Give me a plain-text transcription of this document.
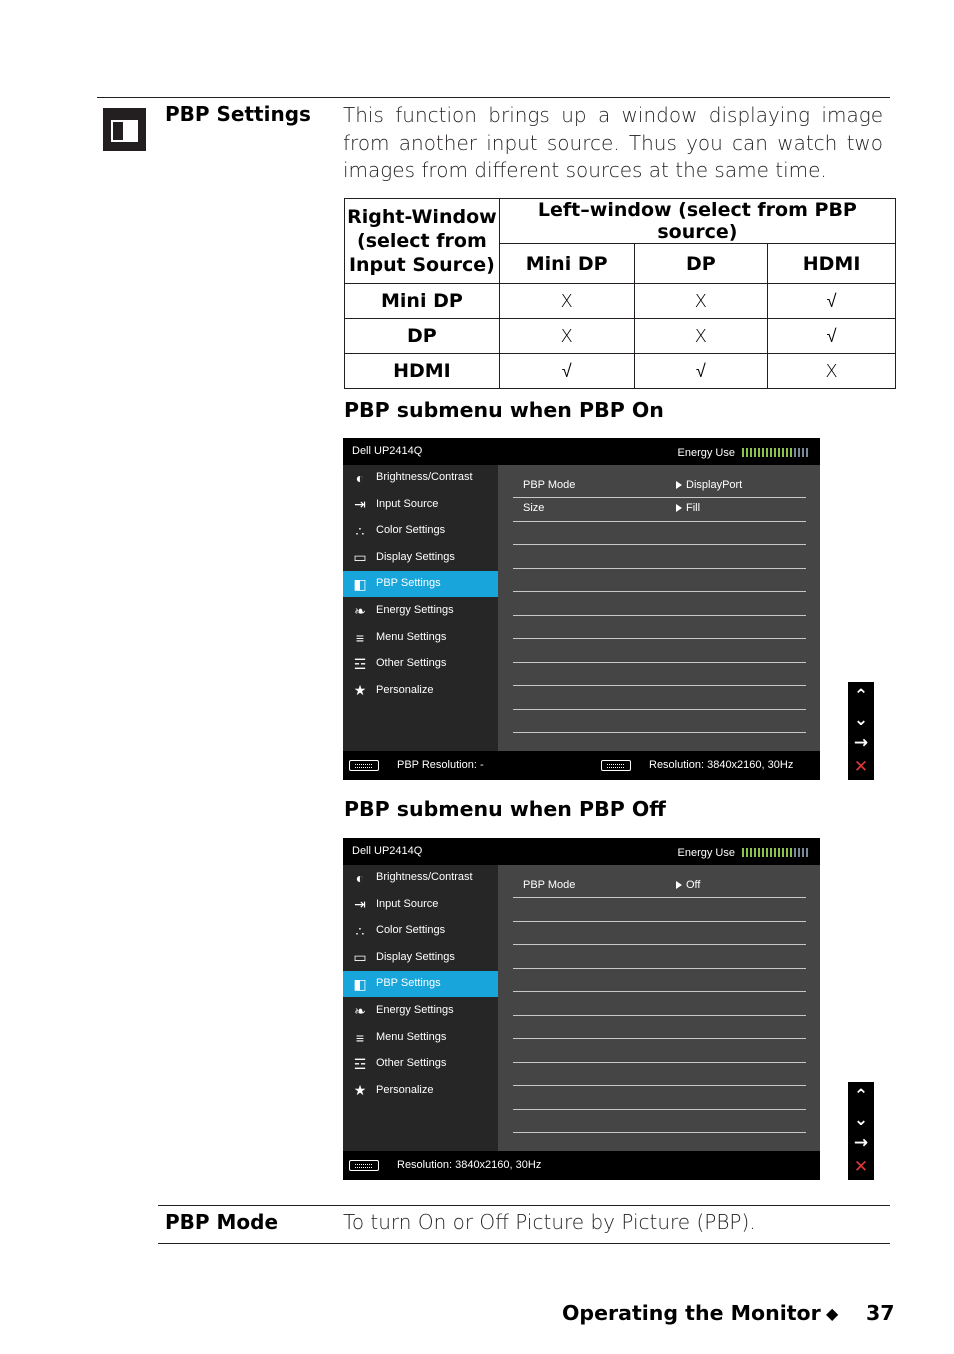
PBP Settings This function brings up a window displaying image
from another input source. Thus you can watch two
images from different sources at the same time.
Right-Window
(select from
Input Source)	Left–window (select from PBP source)		
	Mini DP	DP	HDMI
Mini DP	X	X	√
DP	X	X	√
HDMI	√	√	X
PBP submenu when PBP On
Dell UP2414Q	Energy Use
◐	Brightness/Contrast
⇥ Input Source
∴	Color Settings
▭ Display Settings
◧ PBP Settings
❧ Energy Settings
≡	Menu Settings
☲ Other Settings
★ Personalize
PBP Mode	DisplayPort
Size	Fill
PBP Resolution: -	Resolution: 3840x2160, 30Hz
⌃
⌄
→
✕
PBP submenu when PBP Off
Dell UP2414Q	Energy Use
◐	Brightness/Contrast
⇥ Input Source
∴	Color Settings
▭ Display Settings
◧ PBP Settings
❧ Energy Settings
≡	Menu Settings
☲ Other Settings
★ Personalize
PBP Mode	Off
Resolution: 3840x2160, 30Hz
⌃
⌄
→
✕
PBP Mode	To turn On or Off Picture by Picture (PBP).
Operating the Monitor ◆ 37
